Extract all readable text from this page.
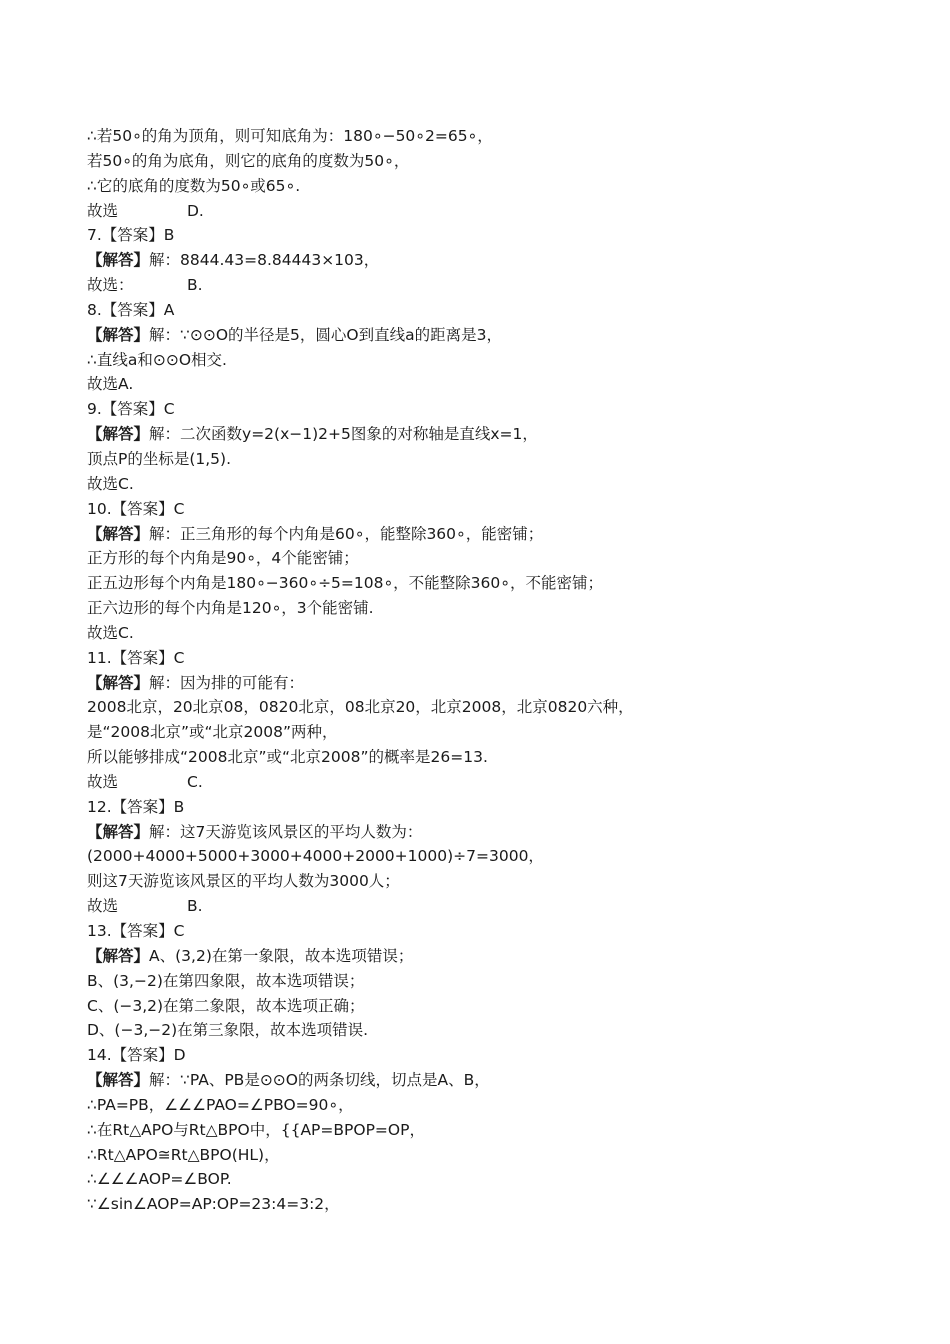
∴若50∘的角为顶角，则可知底角为：180∘−50∘2=65∘，
若50∘的角为底角，则它的底角的度数为50∘，
∴它的底角的度数为50∘或65∘.
故选	D.
7.【答案】B
【解答】解：8844.43=8.84443×103，
故选：	B.
8.【答案】A
【解答】解：∵⊙⊙O的半径是5，圆心O到直线a的距离是3，
∴直线a和⊙⊙O相交.
故选A.
9.【答案】C
【解答】解：二次函数y=2(x−1)2+5图象的对称轴是直线x=1，
顶点P的坐标是(1,5).
故选C.
10.【答案】C
【解答】解：正三角形的每个内角是60∘，能整除360∘，能密铺；
正方形的每个内角是90∘，4个能密铺；
正五边形每个内角是180∘−360∘÷5=108∘，不能整除360∘，不能密铺；
正六边形的每个内角是120∘，3个能密铺.
故选C.
11.【答案】C
【解答】解：因为排的可能有：
2008北京，20北京08，0820北京，08北京20，北京2008，北京0820六种，
是“2008北京”或“北京2008”两种，
所以能够排成“2008北京”或“北京2008”的概率是26=13.
故选	C.
12.【答案】B
【解答】解：这7天游览该风景区的平均人数为：
(2000+4000+5000+3000+4000+2000+1000)÷7=3000，
则这7天游览该风景区的平均人数为3000人；
故选	B.
13.【答案】C
【解答】A、(3,2)在第一象限，故本选项错误；
B、(3,−2)在第四象限，故本选项错误；
C、(−3,2)在第二象限，故本选项正确；
D、(−3,−2)在第三象限，故本选项错误.
14.【答案】D
【解答】解：∵PA、PB是⊙⊙O的两条切线，切点是A、B，
∴PA=PB，∠∠∠PAO=∠PBO=90∘，
∴在Rt△APO与Rt△BPO中，{{AP=BPOP=OP，
∴Rt△APO≅Rt△BPO(HL)，
∴∠∠∠AOP=∠BOP.
∵∠sin∠AOP=AP:OP=23:4=3:2，
